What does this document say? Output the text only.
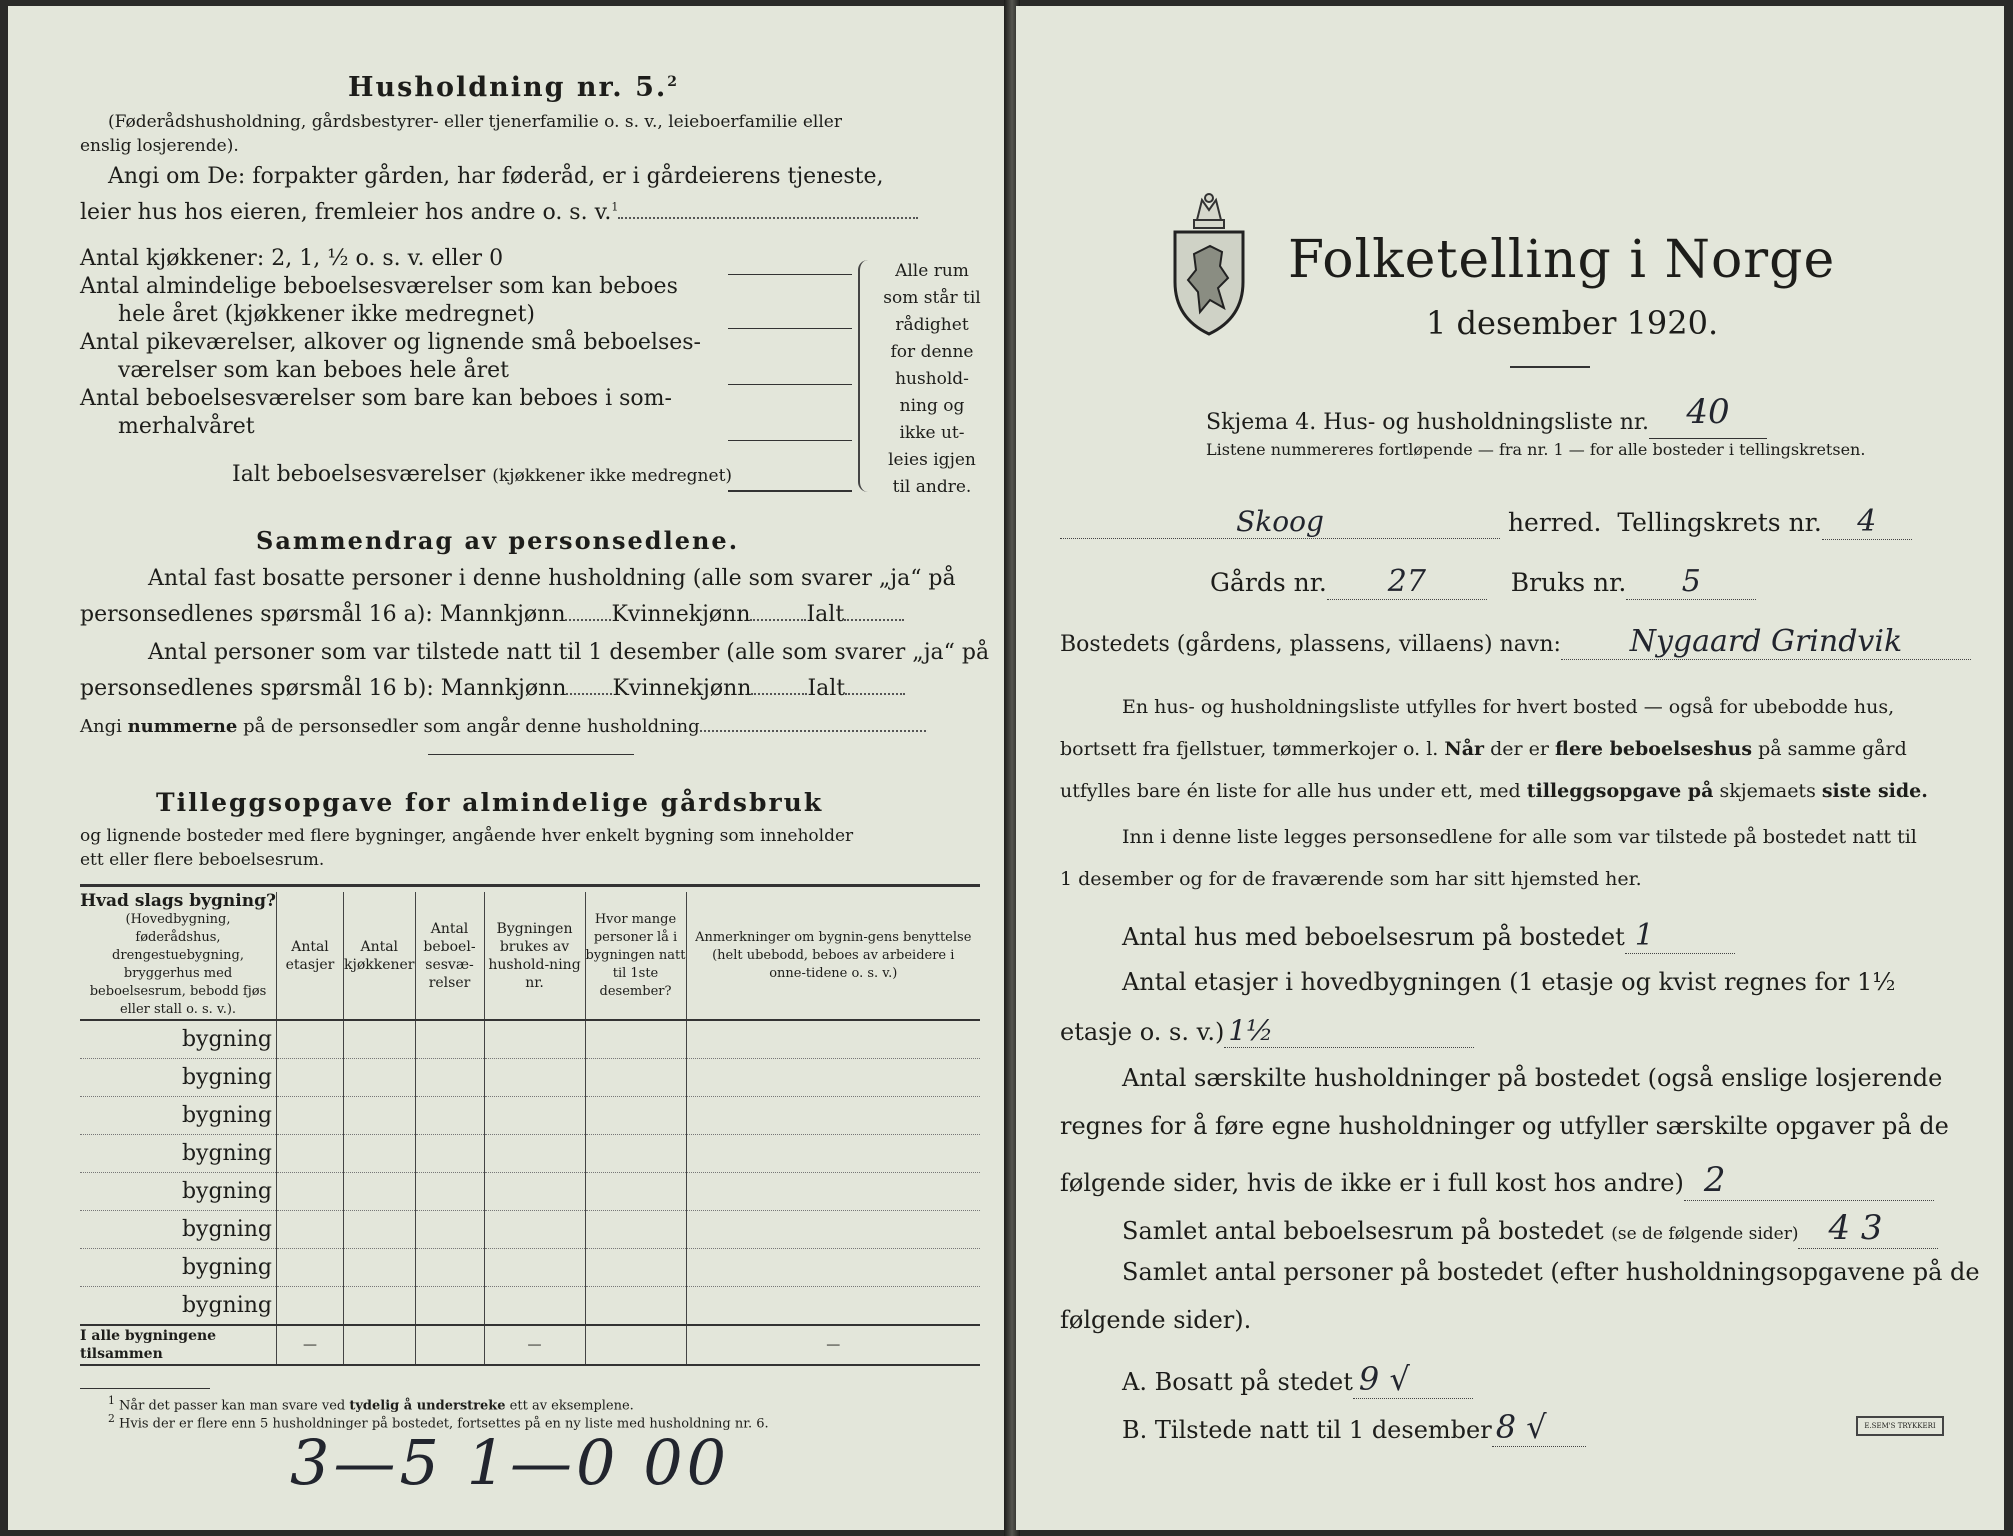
Husholdning nr. 5.$^2$
(Føderådshusholdning, gårdsbestyrer- eller tjenerfamilie o. s. v., leieboerfamilie eller
enslig losjerende).
Angi om De: forpakter gården, har føderåd, er i gårdeierens tjeneste,
leier hus hos eieren, fremleier hos andre o. s. v.$^1$
Antal kjøkkener: 2, 1, ½ o. s. v. eller 0
Antal almindelige beboelsesværelser som kan beboes
hele året (kjøkkener ikke medregnet)
Antal pikeværelser, alkover og lignende små beboelses-
værelser som kan beboes hele året
Antal beboelsesværelser som bare kan beboes i som-
merhalvåret
Ialt beboelsesværelser (kjøkkener ikke medregnet)
Alle rum
som står til
rådighet
for denne
hushold-
ning og
ikke ut-
leies igjen
til andre.
Sammendrag av personsedlene.
Antal fast bosatte personer i denne husholdning (alle som svarer „ja“ på
personsedlenes spørsmål 16 a): Mannkjønn Kvinnekjønn	Ialt
Antal personer som var tilstede natt til 1 desember (alle som svarer „ja“ på
personsedlenes spørsmål 16 b): Mannkjønn Kvinnekjønn	Ialt
Angi nummerne på de personsedler som angår denne husholdning
Tilleggsopgave for almindelige gårdsbruk
og lignende bosteder med flere bygninger, angående hver enkelt bygning som inneholder
ett eller flere beboelsesrum.
Hvad slags bygning?
(Hovedbygning, føderådshus, drengestuebygning, bryggerhus med beboelsesrum, bebodd fjøs eller stall o. s. v.).	Antal etasjer	Antal kjøkkener	Antal beboel-sesvæ-relser	Bygningen brukes av hushold-ning nr.	Hvor mange personer lå i bygningen natt til 1ste desember?	Anmerkninger om bygnin-gens benyttelse (helt ubebodd, beboes av arbeidere i onne-tidene o. s. v.)
bygning						
bygning						
bygning						
bygning						
bygning						
bygning						
bygning						
bygning						
I alle bygningene tilsammen	—			—		—
$^1$ Når det passer kan man svare ved tydelig å understreke ett av eksemplene.
$^2$ Hvis der er flere enn 5 husholdninger på bostedet, fortsettes på en ny liste med husholdning nr. 6.
3—5 1—0 00
Folketelling i Norge
1 desember 1920.
Skjema 4. Hus- og husholdningsliste nr. 40
Listene nummereres fortløpende — fra nr. 1 — for alle bosteder i tellingskretsen.
Skoog	herred. Tellingskrets nr. 4
Gårds nr. 27	Bruks nr. 5
Bostedets (gårdens, plassens, villaens) navn: Nygaard Grindvik
En hus- og husholdningsliste utfylles for hvert bosted — også for ubebodde hus,
bortsett fra fjellstuer, tømmerkojer o. l. Når der er flere beboelseshus på samme gård
utfylles bare én liste for alle hus under ett, med tilleggsopgave på skjemaets siste side.
Inn i denne liste legges personsedlene for alle som var tilstede på bostedet natt til
1 desember og for de fraværende som har sitt hjemsted her.
Antal hus med beboelsesrum på bostedet 1
Antal etasjer i hovedbygningen (1 etasje og kvist regnes for 1½
etasje o. s. v.) 1½
Antal særskilte husholdninger på bostedet (også enslige losjerende
regnes for å føre egne husholdninger og utfyller særskilte opgaver på de
følgende sider, hvis de ikke er i full kost hos andre) 2
Samlet antal beboelsesrum på bostedet (se de følgende sider) 4 3
Samlet antal personer på bostedet (efter husholdningsopgavene på de
følgende sider).
A. Bosatt på stedet 9 √
B. Tilstede natt til 1 desember 8 √	E.SEM'S TRYKKERI
